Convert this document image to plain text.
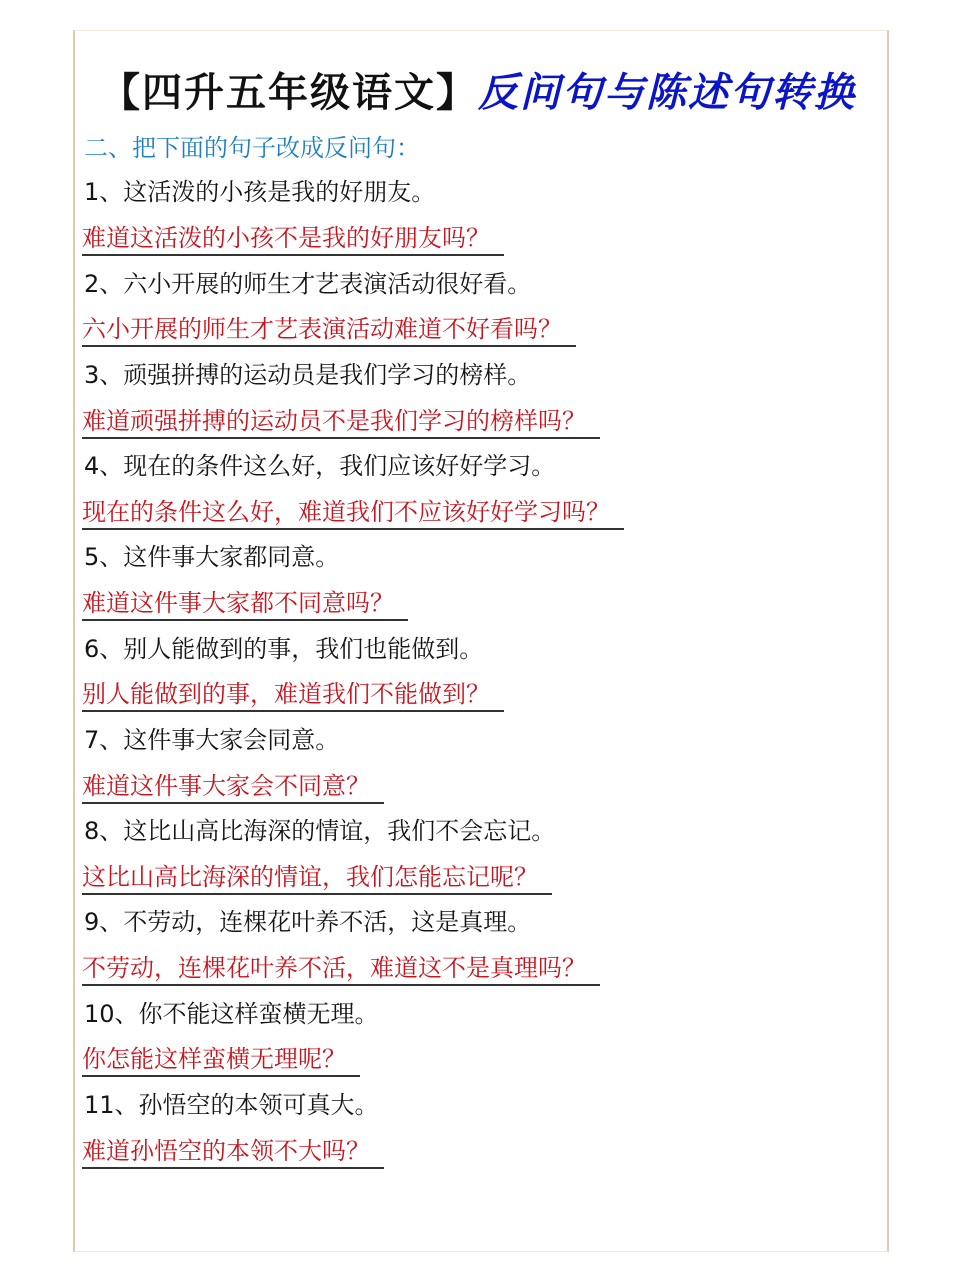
【四升五年级语文】反问句与陈述句转换
二、把下面的句子改成反问句：
1、这活泼的小孩是我的好朋友。
难道这活泼的小孩不是我的好朋友吗？
2、六小开展的师生才艺表演活动很好看。
六小开展的师生才艺表演活动难道不好看吗？
3、顽强拼搏的运动员是我们学习的榜样。
难道顽强拼搏的运动员不是我们学习的榜样吗？
4、现在的条件这么好，我们应该好好学习。
现在的条件这么好，难道我们不应该好好学习吗？
5、这件事大家都同意。
难道这件事大家都不同意吗？
6、别人能做到的事，我们也能做到。
别人能做到的事，难道我们不能做到？
7、这件事大家会同意。
难道这件事大家会不同意？
8、这比山高比海深的情谊，我们不会忘记。
这比山高比海深的情谊，我们怎能忘记呢？
9、不劳动，连棵花叶养不活，这是真理。
不劳动，连棵花叶养不活，难道这不是真理吗？
10、你不能这样蛮横无理。
你怎能这样蛮横无理呢？
11、孙悟空的本领可真大。
难道孙悟空的本领不大吗？
